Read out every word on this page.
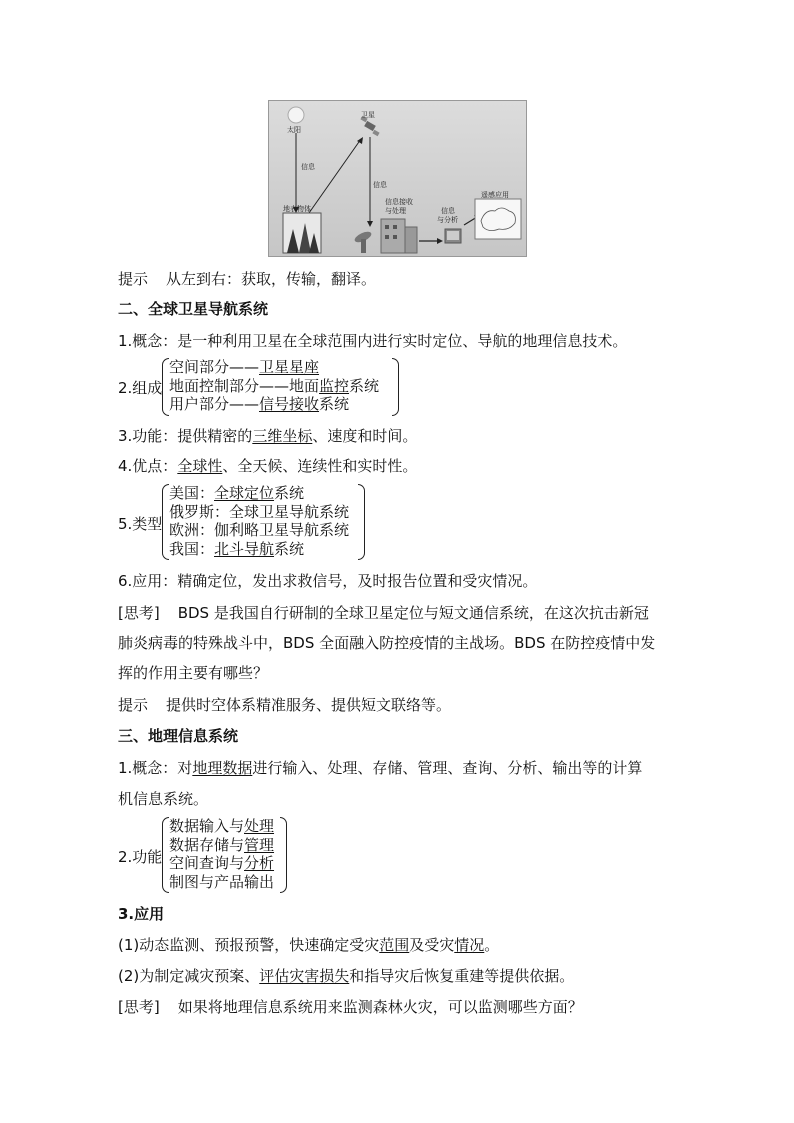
太阳
卫星
信息
信息
地表物体
信息接收
与处理	信息
与分析
遥感应用
提示 从左到右：获取，传输，翻译。
二、全球卫星导航系统
1.概念：是一种利用卫星在全球范围内进行实时定位、导航的地理信息技术。
2.组成
空间部分——卫星星座
地面控制部分——地面监控系统
用户部分——信号接收系统
3.功能：提供精密的三维坐标、速度和时间。
4.优点：全球性、全天候、连续性和实时性。
5.类型
美国：全球定位系统
俄罗斯：全球卫星导航系统
欧洲：伽利略卫星导航系统
我国：北斗导航系统
6.应用：精确定位，发出求救信号，及时报告位置和受灾情况。
[思考] BDS 是我国自行研制的全球卫星定位与短文通信系统，在这次抗击新冠
肺炎病毒的特殊战斗中，BDS 全面融入防控疫情的主战场。BDS 在防控疫情中发
挥的作用主要有哪些？
提示 提供时空体系精准服务、提供短文联络等。
三、地理信息系统
1.概念：对地理数据进行输入、处理、存储、管理、查询、分析、输出等的计算
机信息系统。
2.功能
数据输入与处理
数据存储与管理
空间查询与分析
制图与产品输出
3.应用
(1)动态监测、预报预警，快速确定受灾范围及受灾情况。
(2)为制定减灾预案、评估灾害损失和指导灾后恢复重建等提供依据。
[思考] 如果将地理信息系统用来监测森林火灾，可以监测哪些方面？
